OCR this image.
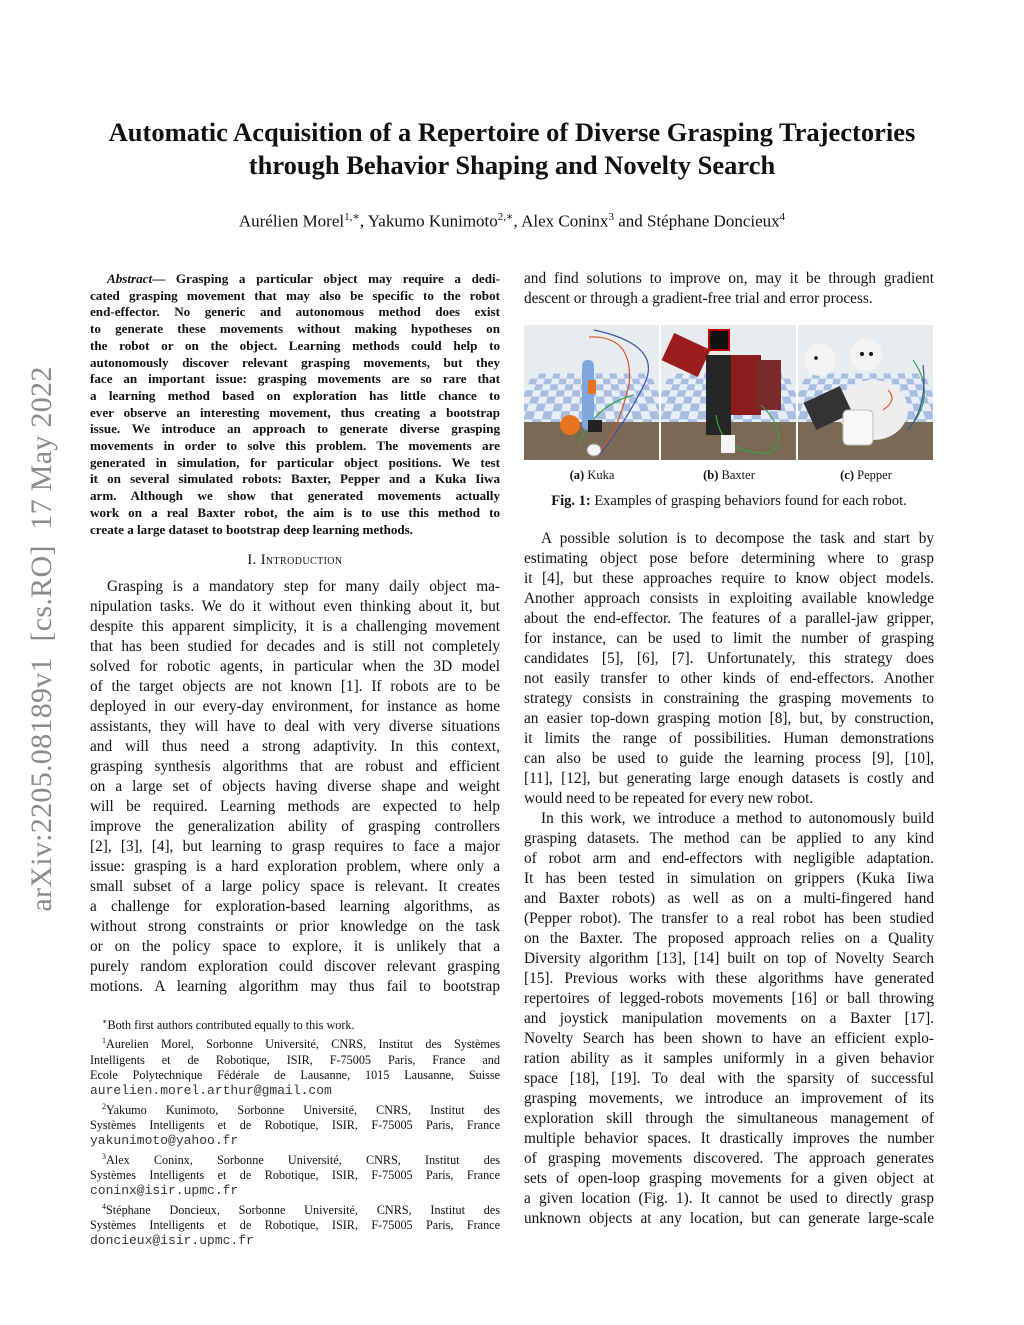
arXiv:2205.08189v1  [cs.RO]  17 May 2022
Automatic Acquisition of a Repertoire of Diverse Grasping Trajectories
through Behavior Shaping and Novelty Search
Aurélien Morel$^{1,∗}$, Yakumo Kunimoto$^{2,∗}$, Alex Coninx$^3$ and Stéphane Doncieux$^4$
Abstract— Grasping a particular object may require a dedi-
cated grasping movement that may also be specific to the robot
end-effector. No generic and autonomous method does exist
to generate these movements without making hypotheses on
the robot or on the object. Learning methods could help to
autonomously discover relevant grasping movements, but they
face an important issue: grasping movements are so rare that
a learning method based on exploration has little chance to
ever observe an interesting movement, thus creating a bootstrap
issue. We introduce an approach to generate diverse grasping
movements in order to solve this problem. The movements are
generated in simulation, for particular object positions. We test
it on several simulated robots: Baxter, Pepper and a Kuka Iiwa
arm. Although we show that generated movements actually
work on a real Baxter robot, the aim is to use this method to
create a large dataset to bootstrap deep learning methods.
I. Introduction
Grasping is a mandatory step for many daily object ma-
nipulation tasks. We do it without even thinking about it, but
despite this apparent simplicity, it is a challenging movement
that has been studied for decades and is still not completely
solved for robotic agents, in particular when the 3D model
of the target objects are not known [1]. If robots are to be
deployed in our every-day environment, for instance as home
assistants, they will have to deal with very diverse situations
and will thus need a strong adaptivity. In this context,
grasping synthesis algorithms that are robust and efficient
on a large set of objects having diverse shape and weight
will be required. Learning methods are expected to help
improve the generalization ability of grasping controllers
[2], [3], [4], but learning to grasp requires to face a major
issue: grasping is a hard exploration problem, where only a
small subset of a large policy space is relevant. It creates
a challenge for exploration-based learning algorithms, as
without strong constraints or prior knowledge on the task
or on the policy space to explore, it is unlikely that a
purely random exploration could discover relevant grasping
motions. A learning algorithm may thus fail to bootstrap
and find solutions to improve on, may it be through gradient
descent or through a gradient-free trial and error process.
(a) Kuka	(b) Baxter	(c) Pepper
Fig. 1: Examples of grasping behaviors found for each robot.
A possible solution is to decompose the task and start by
estimating object pose before determining where to grasp
it [4], but these approaches require to know object models.
Another approach consists in exploiting available knowledge
about the end-effector. The features of a parallel-jaw gripper,
for instance, can be used to limit the number of grasping
candidates [5], [6], [7]. Unfortunately, this strategy does
not easily transfer to other kinds of end-effectors. Another
strategy consists in constraining the grasping movements to
an easier top-down grasping motion [8], but, by construction,
it limits the range of possibilities. Human demonstrations
can also be used to guide the learning process [9], [10],
[11], [12], but generating large enough datasets is costly and
would need to be repeated for every new robot.
In this work, we introduce a method to autonomously build
grasping datasets. The method can be applied to any kind
of robot arm and end-effectors with negligible adaptation.
It has been tested in simulation on grippers (Kuka Iiwa
and Baxter robots) as well as on a multi-fingered hand
(Pepper robot). The transfer to a real robot has been studied
on the Baxter. The proposed approach relies on a Quality
Diversity algorithm [13], [14] built on top of Novelty Search
[15]. Previous works with these algorithms have generated
repertoires of legged-robots movements [16] or ball throwing
and joystick manipulation movements on a Baxter [17].
Novelty Search has been shown to have an efficient explo-
ration ability as it samples uniformly in a given behavior
space [18], [19]. To deal with the sparsity of successful
grasping movements, we introduce an improvement of its
exploration skill through the simultaneous management of
multiple behavior spaces. It drastically improves the number
of grasping movements discovered. The approach generates
sets of open-loop grasping movements for a given object at
a given location (Fig. 1). It cannot be used to directly grasp
unknown objects at any location, but can generate large-scale
∗Both first authors contributed equally to this work.
$^1$Aurelien Morel, Sorbonne Université, CNRS, Institut des Systèmes
Intelligents et de Robotique, ISIR, F-75005 Paris, France and
Ecole Polytechnique Fédérale de Lausanne, 1015 Lausanne, Suisse
aurelien.morel.arthur@gmail.com
$^2$Yakumo Kunimoto, Sorbonne Université, CNRS, Institut des
Systèmes Intelligents et de Robotique, ISIR, F-75005 Paris, France
yakunimoto@yahoo.fr
$^3$Alex Coninx, Sorbonne Université, CNRS, Institut des
Systèmes Intelligents et de Robotique, ISIR, F-75005 Paris, France
coninx@isir.upmc.fr
$^4$Stéphane Doncieux, Sorbonne Université, CNRS, Institut des
Systèmes Intelligents et de Robotique, ISIR, F-75005 Paris, France
doncieux@isir.upmc.fr
